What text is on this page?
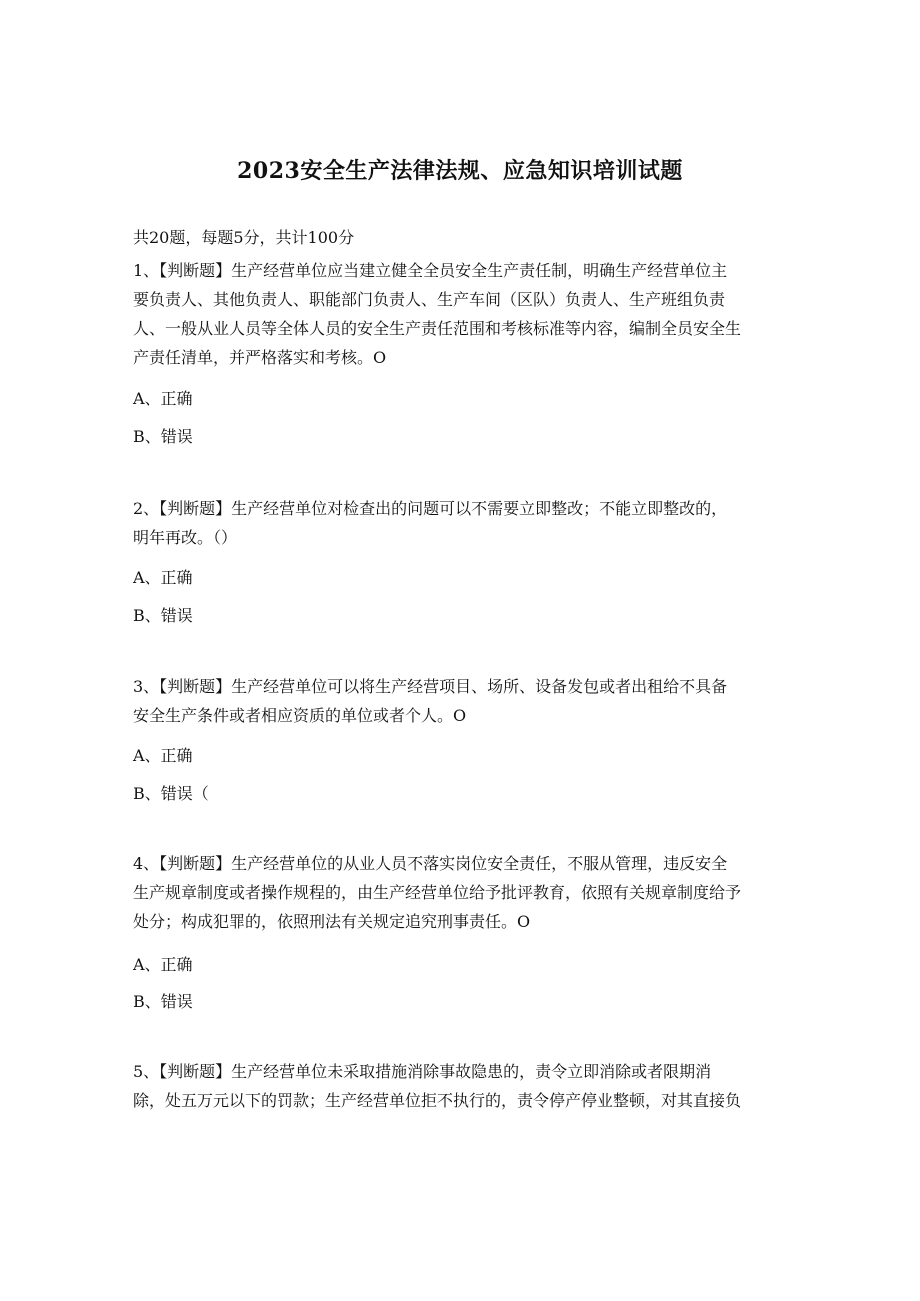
2023安全生产法律法规、应急知识培训试题
共20题，每题5分，共计100分
1、【判断题】生产经营单位应当建立健全全员安全生产责任制，明确生产经营单位主
要负责人、其他负责人、职能部门负责人、生产车间（区队）负责人、生产班组负责
人、一般从业人员等全体人员的安全生产责任范围和考核标准等内容，编制全员安全生
产责任清单，并严格落实和考核。O
A、正确
B、错误
2、【判断题】生产经营单位对检查出的问题可以不需要立即整改；不能立即整改的，
明年再改。（）
A、正确
B、错误
3、【判断题】生产经营单位可以将生产经营项目、场所、设备发包或者出租给不具备
安全生产条件或者相应资质的单位或者个人。O
A、正确
B、错误（
4、【判断题】生产经营单位的从业人员不落实岗位安全责任，不服从管理，违反安全
生产规章制度或者操作规程的，由生产经营单位给予批评教育，依照有关规章制度给予
处分；构成犯罪的，依照刑法有关规定追究刑事责任。O
A、正确
B、错误
5、【判断题】生产经营单位未采取措施消除事故隐患的，责令立即消除或者限期消
除，处五万元以下的罚款；生产经营单位拒不执行的，责令停产停业整顿，对其直接负
